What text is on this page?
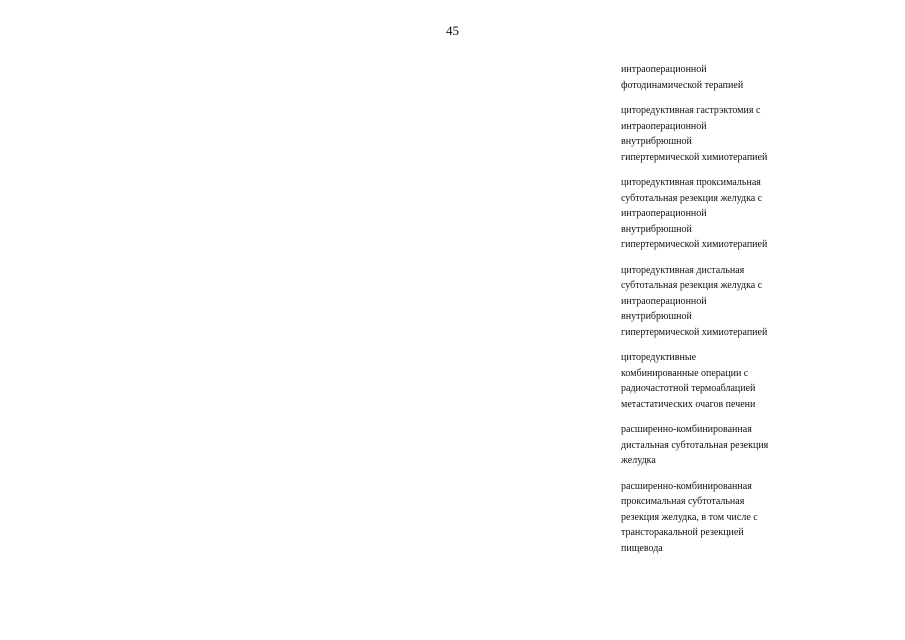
45
интраоперационной
фотодинамической терапией
циторедуктивная гастрэктомия с
интраоперационной
внутрибрюшной
гипертермической химиотерапией
циторедуктивная проксимальная
субтотальная резекция желудка с
интраоперационной
внутрибрюшной
гипертермической химиотерапией
циторедуктивная дистальная
субтотальная резекция желудка с
интраоперационной
внутрибрюшной
гипертермической химиотерапией
циторедуктивные
комбинированные операции с
радиочастотной термоаблацией
метастатических очагов печени
расширенно-комбинированная
дистальная субтотальная резекция
желудка
расширенно-комбинированная
проксимальная субтотальная
резекция желудка, в том числе с
трансторакальной резекцией
пищевода
